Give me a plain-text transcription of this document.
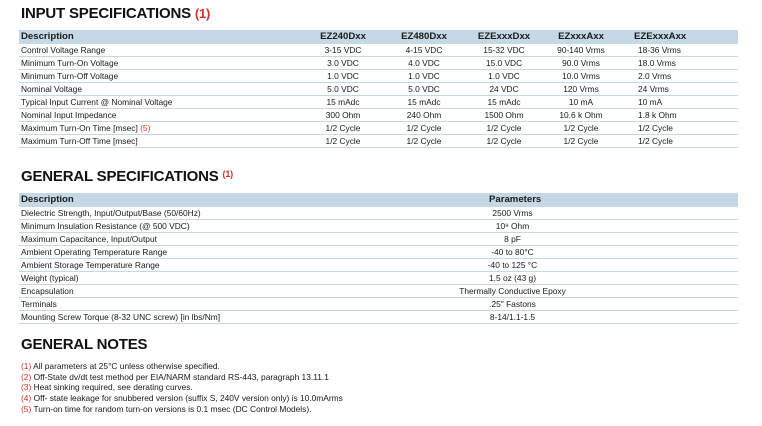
INPUT SPECIFICATIONS (1)
Description	EZ240Dxx	EZ480Dxx	EZExxxDxx	EZxxxAxx	EZExxxAxx
Control Voltage Range	3-15 VDC	4-15 VDC	15-32 VDC	90-140 Vrms	18-36 Vrms
Minimum Turn-On Voltage	3.0 VDC	4.0 VDC	15.0 VDC	90.0 Vrms	18.0 Vrms
Minimum Turn-Off Voltage	1.0 VDC	1.0 VDC	1.0 VDC	10.0 Vrms	2.0 Vrms
Nominal Voltage	5.0 VDC	5.0 VDC	24 VDC	120 Vrms	24 Vrms
Typical Input Current @ Nominal Voltage	15 mAdc	15 mAdc	15 mAdc	10 mA	10 mA
Nominal Input Impedance	300 Ohm	240 Ohm	1500 Ohm	10.6 k Ohm	1.8 k Ohm
Maximum Turn-On Time [msec] (5)	1/2 Cycle	1/2 Cycle	1/2 Cycle	1/2 Cycle	1/2 Cycle
Maximum Turn-Off Time [msec]	1/2 Cycle	1/2 Cycle	1/2 Cycle	1/2 Cycle	1/2 Cycle
GENERAL SPECIFICATIONS $^{(1)}$
Description	Parameters
Dielectric Strength, Input/Output/Base (50/60Hz)	2500 Vrms
Minimum Insulation Resistance (@ 500 VDC)	10⁹ Ohm
Maximum Capacitance, Input/Output	8 pF
Ambient Operating Temperature Range	-40 to 80°C
Ambient Storage Temperature Range	-40 to 125 °C
Weight (typical)	1.5 oz (43 g)
Encapsulation	Thermally Conductive Epoxy
Terminals	.25" Fastons
Mounting Screw Torque (8-32 UNC screw) [in lbs/Nm]	8-14/1.1-1.5
GENERAL NOTES
(1) All parameters at 25°C unless otherwise specified.
(2) Off-State dv/dt test method per EIA/NARM standard RS-443, paragraph 13.11.1
(3) Heat sinking required, see derating curves.
(4) Off- state leakage for snubbered version (suffix S, 240V version only) is 10.0mArms
(5) Turn-on time for random turn-on versions is 0.1 msec (DC Control Models).
